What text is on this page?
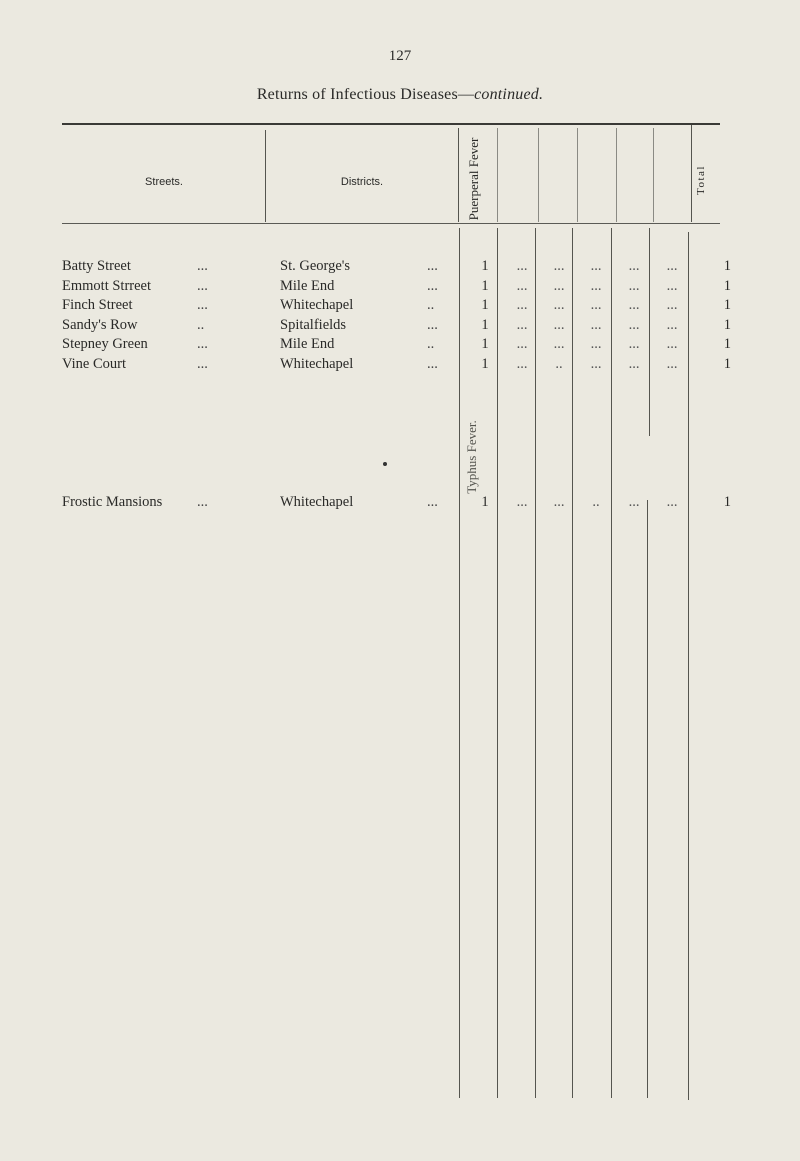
127
Returns of Infectious Diseases—continued.
Streets.	Districts.	Puerperal Fever	Total
Batty Street	...	St. George's	...	1	...	...	...	...	...	1
Emmott Strreet	...	Mile End	...	1	...	...	...	...	...	1
Finch Street	...	Whitechapel	..	1	...	...	...	...	...	1
Sandy's Row	..	Spitalfields	...	1	...	...	...	...	...	1
Stepney Green	...	Mile End	..	1	...	...	...	...	...	1
Vine Court	...	Whitechapel	...	1	...	..	...	...	...	1
Typhus Fever.
Frostic Mansions ...	Whitechapel	...	1	...	...	..	...	...	1
